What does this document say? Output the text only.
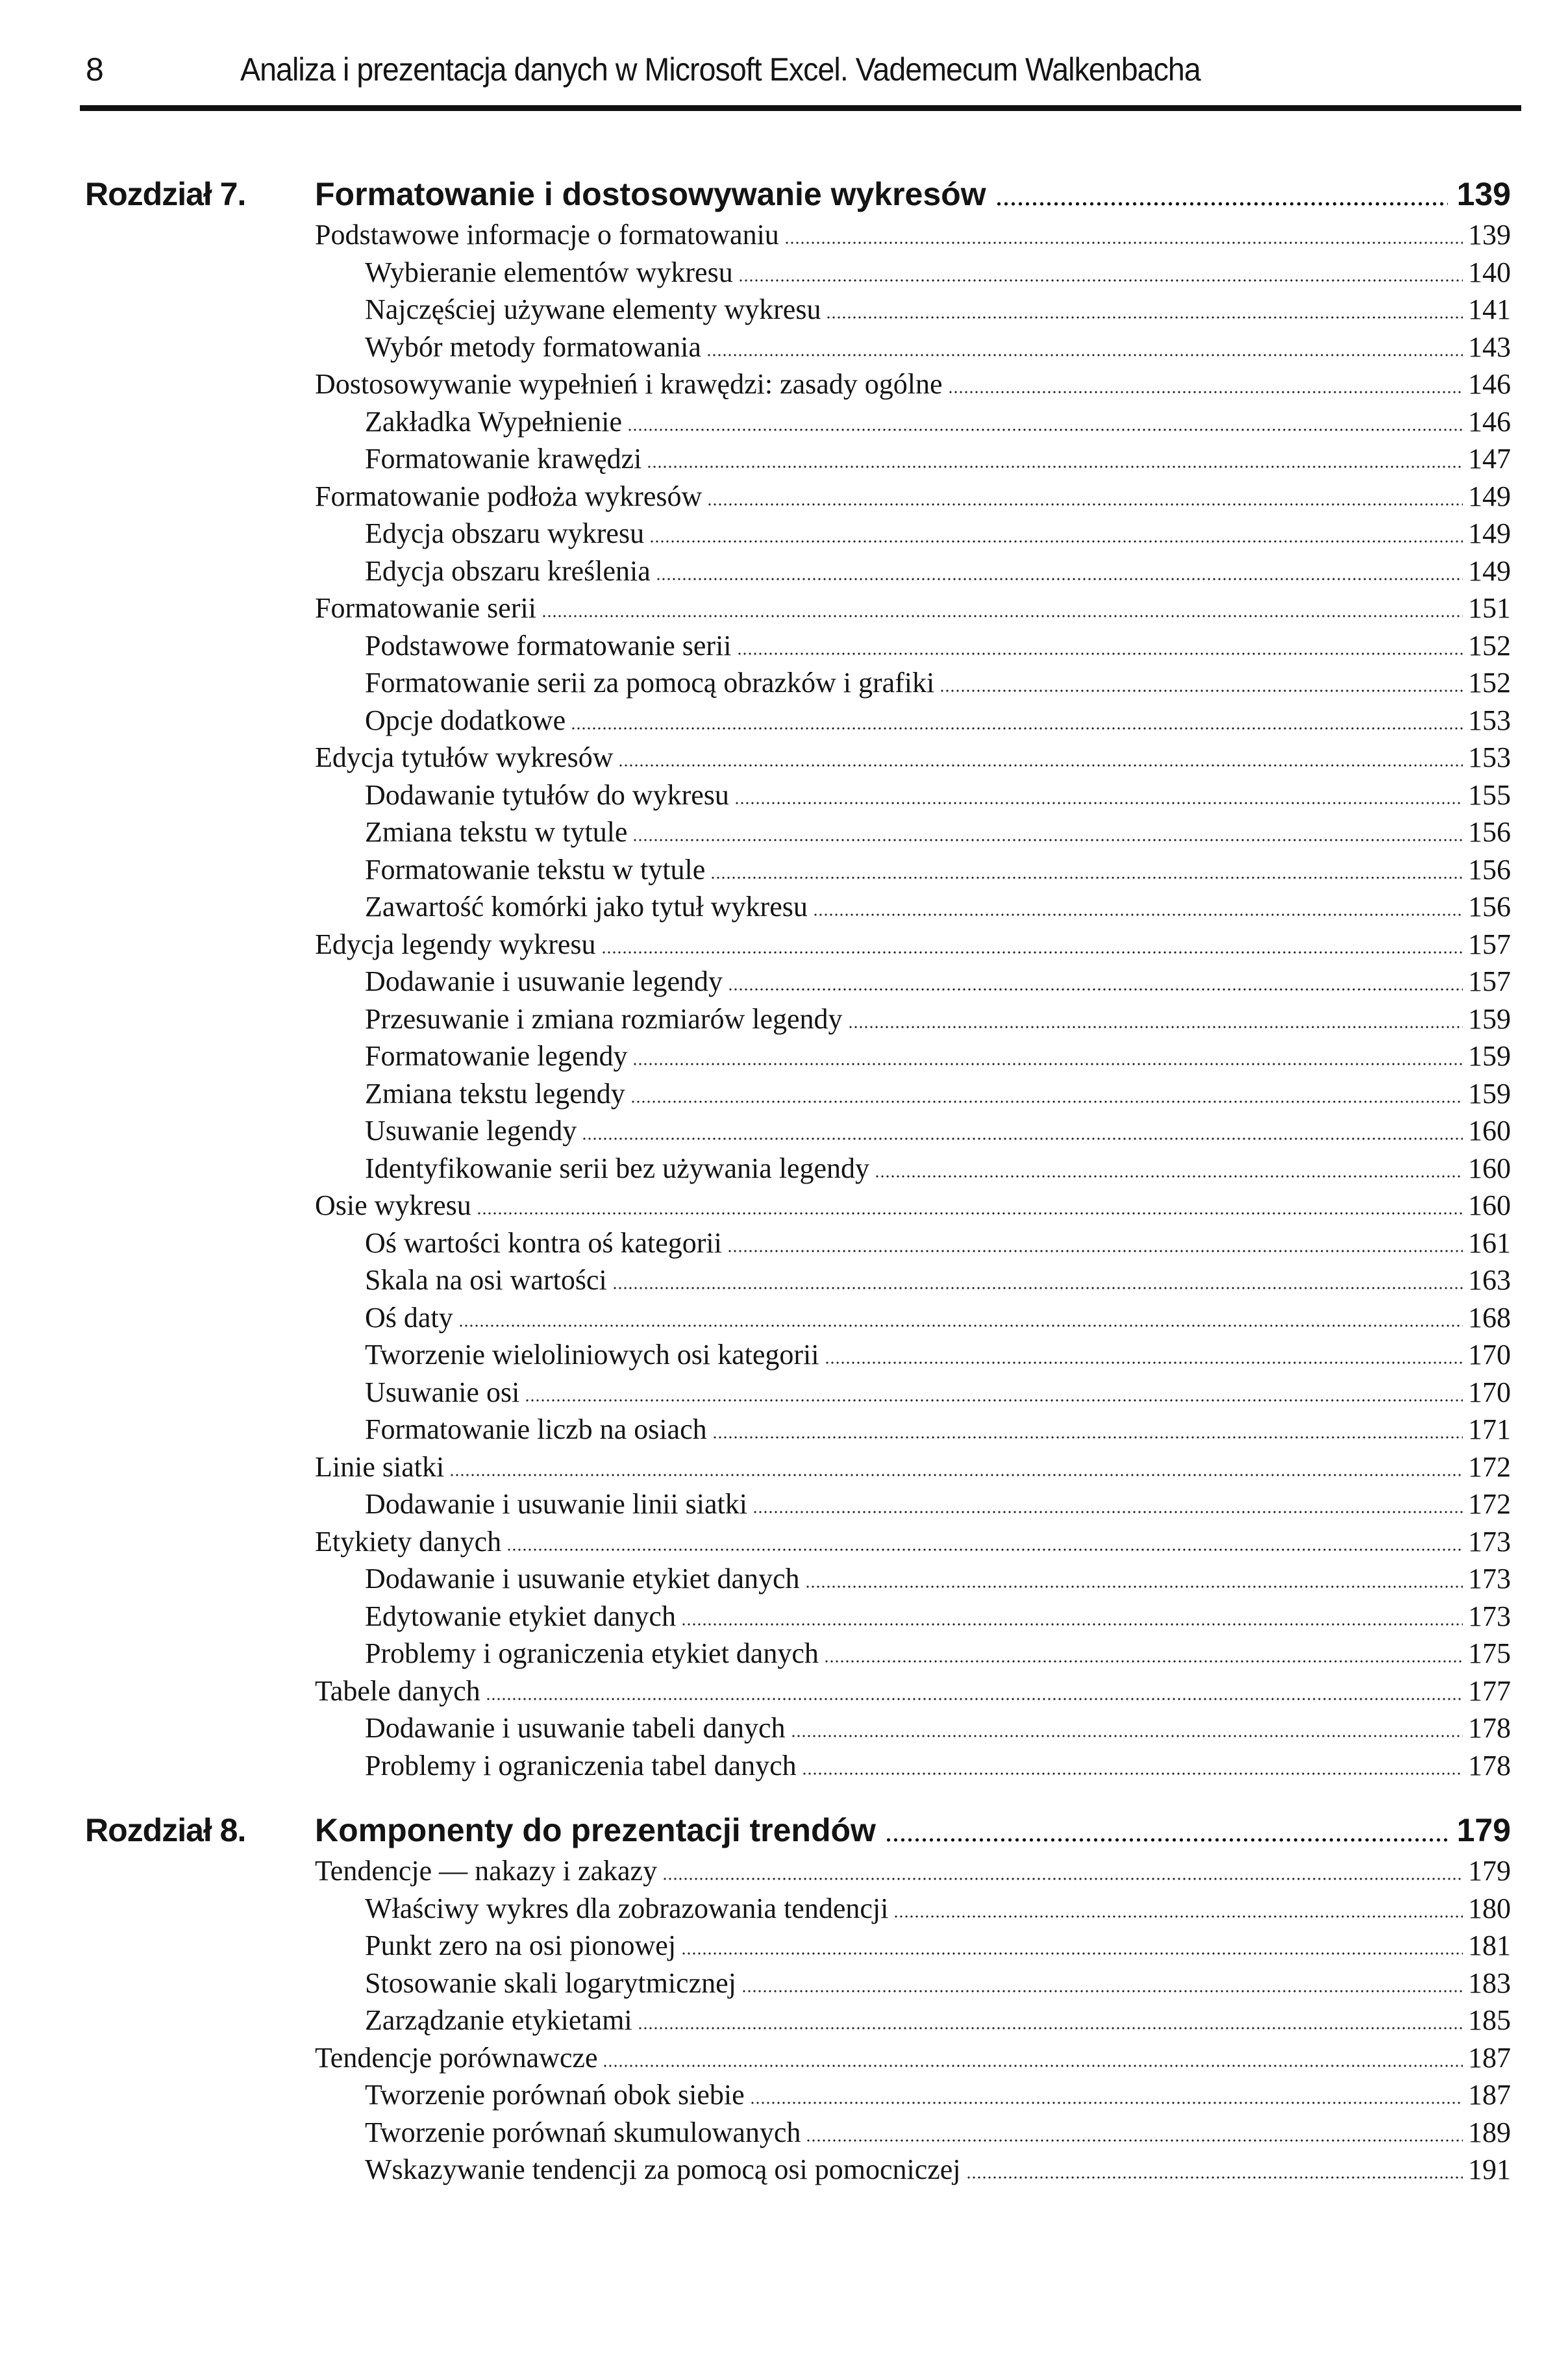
8	Analiza i prezentacja danych w Microsoft Excel. Vademecum Walkenbacha
Rozdział 7. Formatowanie i dostosowywanie wykresów	139
Podstawowe informacje o formatowaniu	139
Wybieranie elementów wykresu	140
Najczęściej używane elementy wykresu	141
Wybór metody formatowania	143
Dostosowywanie wypełnień i krawędzi: zasady ogólne	146
Zakładka Wypełnienie	146
Formatowanie krawędzi	147
Formatowanie podłoża wykresów	149
Edycja obszaru wykresu	149
Edycja obszaru kreślenia	149
Formatowanie serii	151
Podstawowe formatowanie serii	152
Formatowanie serii za pomocą obrazków i grafiki	152
Opcje dodatkowe	153
Edycja tytułów wykresów	153
Dodawanie tytułów do wykresu	155
Zmiana tekstu w tytule	156
Formatowanie tekstu w tytule	156
Zawartość komórki jako tytuł wykresu	156
Edycja legendy wykresu	157
Dodawanie i usuwanie legendy	157
Przesuwanie i zmiana rozmiarów legendy	159
Formatowanie legendy	159
Zmiana tekstu legendy	159
Usuwanie legendy	160
Identyfikowanie serii bez używania legendy	160
Osie wykresu	160
Oś wartości kontra oś kategorii	161
Skala na osi wartości	163
Oś daty	168
Tworzenie wieloliniowych osi kategorii	170
Usuwanie osi	170
Formatowanie liczb na osiach	171
Linie siatki	172
Dodawanie i usuwanie linii siatki	172
Etykiety danych	173
Dodawanie i usuwanie etykiet danych	173
Edytowanie etykiet danych	173
Problemy i ograniczenia etykiet danych	175
Tabele danych	177
Dodawanie i usuwanie tabeli danych	178
Problemy i ograniczenia tabel danych	178
Rozdział 8. Komponenty do prezentacji trendów	179
Tendencje — nakazy i zakazy	179
Właściwy wykres dla zobrazowania tendencji	180
Punkt zero na osi pionowej	181
Stosowanie skali logarytmicznej	183
Zarządzanie etykietami	185
Tendencje porównawcze	187
Tworzenie porównań obok siebie	187
Tworzenie porównań skumulowanych	189
Wskazywanie tendencji za pomocą osi pomocniczej	191
